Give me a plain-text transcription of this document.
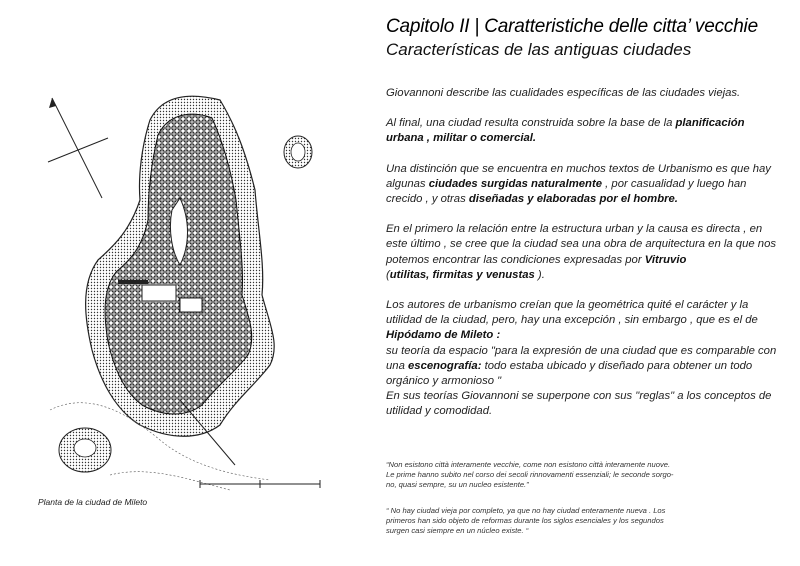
Planta de la ciudad de Mileto
Capitolo II | Caratteristiche delle citta’ vecchie
Características de las antiguas ciudades

Giovannoni describe las cualidades específicas de las ciudades viejas.

Al final, una ciudad resulta construida sobre la base de la planificación urbana , militar o comercial.

Una distinción que se encuentra en muchos textos de Urbanismo es que hay algunas ciudades surgidas naturalmente , por casualidad y luego han crecido , y otras diseñadas y elaboradas por el hombre.

En el primero la relación entre la estructura urban y la causa es directa , en este último , se cree que la ciudad sea una obra de arquitectura en la que nos potemos encontrar las condiciones expresadas por Vitruvio
(utilitas, firmitas y venustas ).

Los autores de urbanismo creían que la geométrica quité el carácter y la utilidad de la ciudad, pero, hay una excepción , sin embargo , que es el de
Hipódamo de Mileto :
su teoría da espacio "para la expresión de una ciudad que es comparable con una escenografía: todo estaba ubicado y diseñado para obtener un todo orgánico y armonioso "
En sus teorías Giovannoni se superpone con sus "reglas" a los conceptos de utilidad y comodidad.

“Non esistono città interamente vecchie, come non esistono città interamente nuove.
Le prime hanno subito nel corso dei secoli rinnovamenti essenziali; le seconde sorgo-
no, quasi sempre, su un nucleo esistente.”
“ No hay ciudad vieja por completo, ya que no hay ciudad enteramente nueva . Los
primeros han sido objeto de reformas durante los siglos esenciales y los segundos
surgen casi siempre en un núcleo existe. “
